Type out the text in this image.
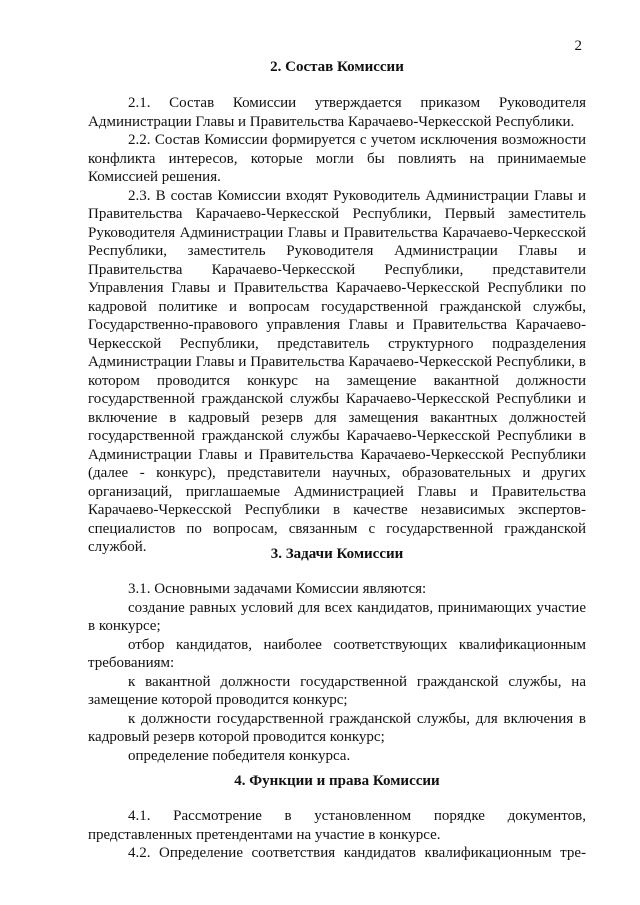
2
2. Состав Комиссии

2.1. Состав Комиссии утверждается приказом Руководителя Администрации Главы и Правительства Карачаево-Черкесской Республики.

2.2. Состав Комиссии формируется с учетом исключения возможности конфликта интересов, которые могли бы повлиять на принимаемые Комиссией решения.

2.3. В состав Комиссии входят Руководитель Администрации Главы и Правительства Карачаево-Черкесской Республики, Первый заместитель Руководителя Администрации Главы и Правительства Карачаево-Черкесской Республики, заместитель Руководителя Администрации Главы и Правительства Карачаево-Черкесской Республики, представители Управления Главы и Правительства Карачаево-Черкесской Республики по кадровой политике и вопросам государственной гражданской службы, Государственно-правового управления Главы и Правительства Карачаево-Черкесской Республики, представитель структурного подразделения Администрации Главы и Правительства Карачаево-Черкесской Республики, в котором проводится конкурс на замещение вакантной должности государственной гражданской службы Карачаево-Черкесской Республики и включение в кадровый резерв для замещения вакантных должностей государственной гражданской службы Карачаево-Черкесской Республики в Администрации Главы и Правительства Карачаево-Черкесской Республики (далее - конкурс), представители научных, образовательных и других организаций, приглашаемые Администрацией Главы и Правительства Карачаево-Черкесской Республики в качестве независимых экспертов-специалистов по вопросам, связанным с государственной гражданской службой.	3. Задачи Комиссии

3.1. Основными задачами Комиссии являются:

создание равных условий для всех кандидатов, принимающих участие в конкурсе;

отбор кандидатов, наиболее соответствующих квалификационным требованиям:

к вакантной должности государственной гражданской службы, на замещение которой проводится конкурс;

к должности государственной гражданской службы, для включения в кадровый резерв которой проводится конкурс;

определение победителя конкурса.

4. Функции и права Комиссии

4.1. Рассмотрение в установленном порядке документов, представленных претендентами на участие в конкурсе.

4.2. Определение соответствия кандидатов квалификационным тре-
